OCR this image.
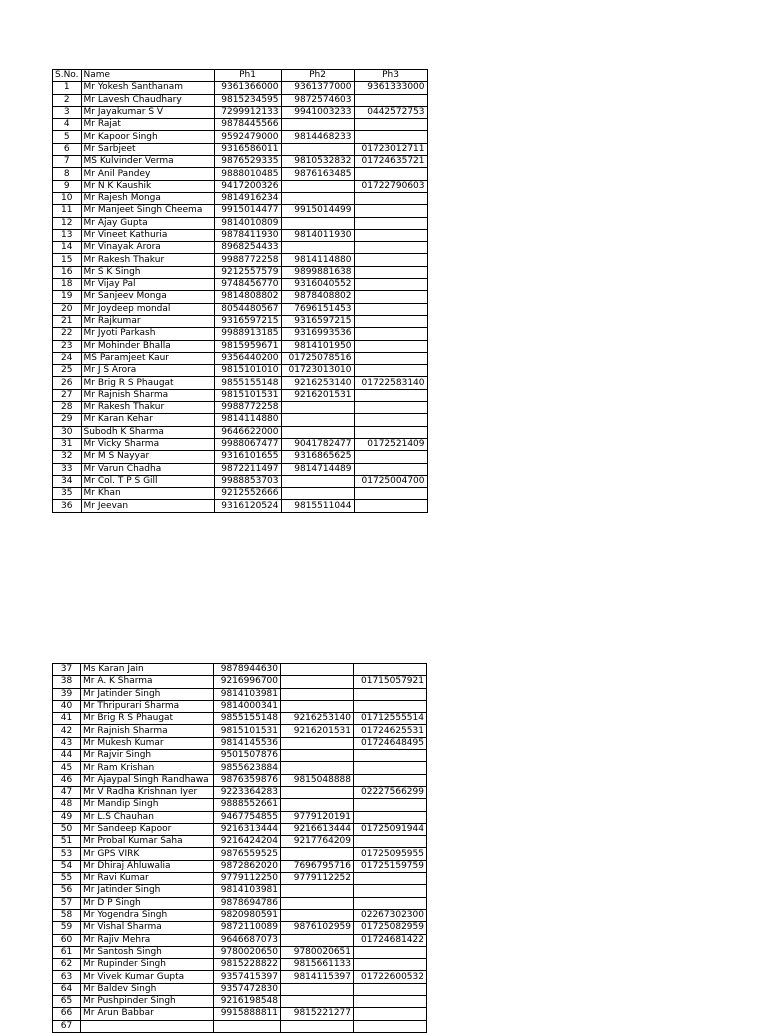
S.No.	Name	Ph1	Ph2	Ph3
1	Mr Yokesh Santhanam	9361366000	9361377000	9361333000
2	Mr Lavesh Chaudhary	9815234595	9872574603	
3	Mr Jayakumar S V	7299912133	9941003233	0442572753
4	Mr Rajat	9878445566		
5	Mr Kapoor Singh	9592479000	9814468233	
6	Mr Sarbjeet	9316586011		01723012711
7	MS Kulvinder Verma	9876529335	9810532832	01724635721
8	Mr Anil Pandey	9888010485	9876163485	
9	Mr N K Kaushik	9417200326		01722790603
10	Mr Rajesh Monga	9814916234		
11	Mr Manjeet Singh Cheema	9915014477	9915014499	
12	Mr Ajay Gupta	9814010809		
13	Mr Vineet Kathuria	9878411930	9814011930	
14	Mr Vinayak Arora	8968254433		
15	Mr Rakesh Thakur	9988772258	9814114880	
16	Mr S K Singh	9212557579	9899881638	
18	Mr Vijay Pal	9748456770	9316040552	
19	Mr Sanjeev Monga	9814808802	9878408802	
20	Mr Joydeep mondal	8054480567	7696151453	
21	Mr Rajkumar	9316597215	9316597215	
22	Mr Jyoti Parkash	9988913185	9316993536	
23	Mr Mohinder Bhalla	9815959671	9814101950	
24	MS Paramjeet Kaur	9356440200	01725078516	
25	Mr J S Arora	9815101010	01723013010	
26	Mr Brig R S Phaugat	9855155148	9216253140	01722583140
27	Mr Rajnish Sharma	9815101531	9216201531	
28	Mr Rakesh Thakur	9988772258		
29	Mr Karan Kehar	9814114880		
30	Subodh K Sharma	9646622000		
31	Mr Vicky Sharma	9988067477	9041782477	0172521409
32	Mr M S Nayyar	9316101655	9316865625	
33	Mr Varun Chadha	9872211497	9814714489	
34	Mr Col. T P S Gill	9988853703		01725004700
35	Mr Khan	9212552666		
36	Mr Jeevan	9316120524	9815511044	
37	Ms Karan Jain	9878944630		
38	Mr A. K Sharma	9216996700		01715057921
39	Mr Jatinder Singh	9814103981		
40	Mr Thripurari Sharma	9814000341		
41	Mr Brig R S Phaugat	9855155148	9216253140	01712555514
42	Mr Rajnish Sharma	9815101531	9216201531	01724625531
43	Mr Mukesh Kumar	9814145536		01724648495
44	Mr Rajvir Singh	9501507876		
45	Mr Ram Krishan	9855623884		
46	Mr Ajaypal Singh Randhawa	9876359876	9815048888	
47	Mr V Radha Krishnan Iyer	9223364283		02227566299
48	Mr Mandip Singh	9888552661		
49	Mr L.S Chauhan	9467754855	9779120191	
50	Mr Sandeep Kapoor	9216313444	9216613444	01725091944
51	Mr Probal Kumar Saha	9216424204	9217764209	
53	Mr GPS VIRK	9876559525		01725095955
54	Mr Dhiraj Ahluwalia	9872862020	7696795716	01725159759
55	Mr Ravi Kumar	9779112250	9779112252	
56	Mr Jatinder Singh	9814103981		
57	Mr D P Singh	9878694786		
58	Mr Yogendra Singh	9820980591		02267302300
59	Mr Vishal Sharma	9872110089	9876102959	01725082959
60	Mr Rajiv Mehra	9646687073		01724681422
61	Mr Santosh Singh	9780020650	9780020651	
62	Mr Rupinder Singh	9815228822	9815661133	
63	Mr Vivek Kumar Gupta	9357415397	9814115397	01722600532
64	Mr Baldev Singh	9357472830		
65	Mr Pushpinder Singh	9216198548		
66	Mr Arun Babbar	9915888811	9815221277	
67				
